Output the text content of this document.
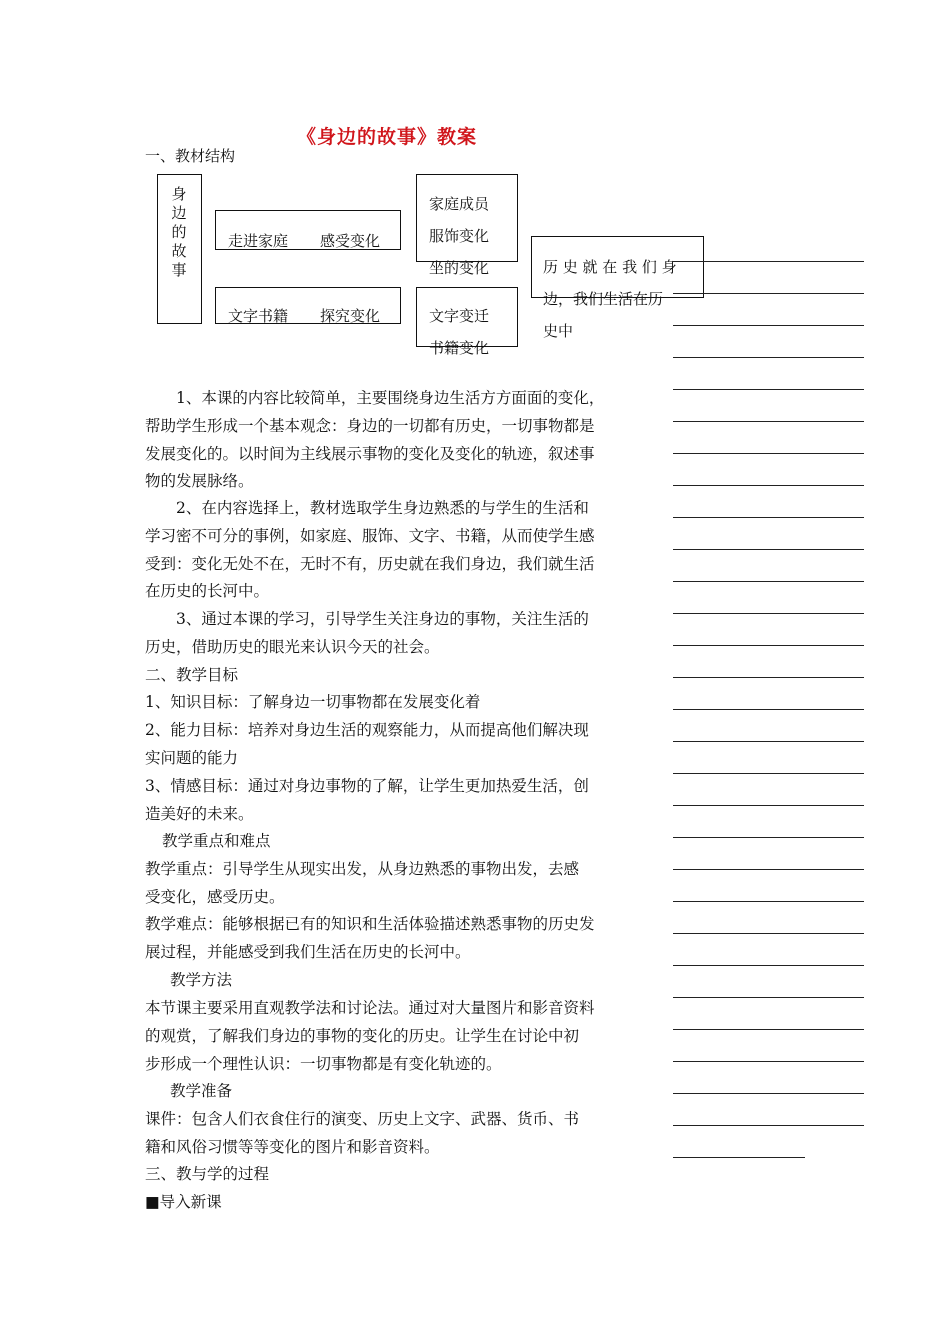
《身边的故事》教案
一、教材结构
身边的故事
走进家庭 感受变化
文字书籍 探究变化
家庭成员
服饰变化
坐的变化
文字变迁
书籍变化
历 史 就 在 我 们 身
边，我们生活在历
史中

1、本课的内容比较简单，主要围绕身边生活方方面面的变化，

帮助学生形成一个基本观念：身边的一切都有历史，一切事物都是

发展变化的。以时间为主线展示事物的变化及变化的轨迹，叙述事

物的发展脉络。

2、在内容选择上，教材选取学生身边熟悉的与学生的生活和

学习密不可分的事例，如家庭、服饰、文字、书籍，从而使学生感

受到：变化无处不在，无时不有，历史就在我们身边，我们就生活

在历史的长河中。

3、通过本课的学习，引导学生关注身边的事物，关注生活的

历史，借助历史的眼光来认识今天的社会。

二、教学目标
1、知识目标：了解身边一切事物都在发展变化着

2、能力目标：培养对身边生活的观察能力，从而提高他们解决现

实问题的能力

3、情感目标：通过对身边事物的了解，让学生更加热爱生活，创

造美好的未来。

教学重点和难点

教学重点：引导学生从现实出发，从身边熟悉的事物出发，去感

受变化，感受历史。

教学难点：能够根据已有的知识和生活体验描述熟悉事物的历史发

展过程，并能感受到我们生活在历史的长河中。

教学方法

本节课主要采用直观教学法和讨论法。通过对大量图片和影音资料

的观赏，了解我们身边的事物的变化的历史。让学生在讨论中初

步形成一个理性认识：一切事物都是有变化轨迹的。

教学准备

课件：包含人们衣食住行的演变、历史上文字、武器、货币、书

籍和风俗习惯等等变化的图片和影音资料。

三、教与学的过程
■导入新课
